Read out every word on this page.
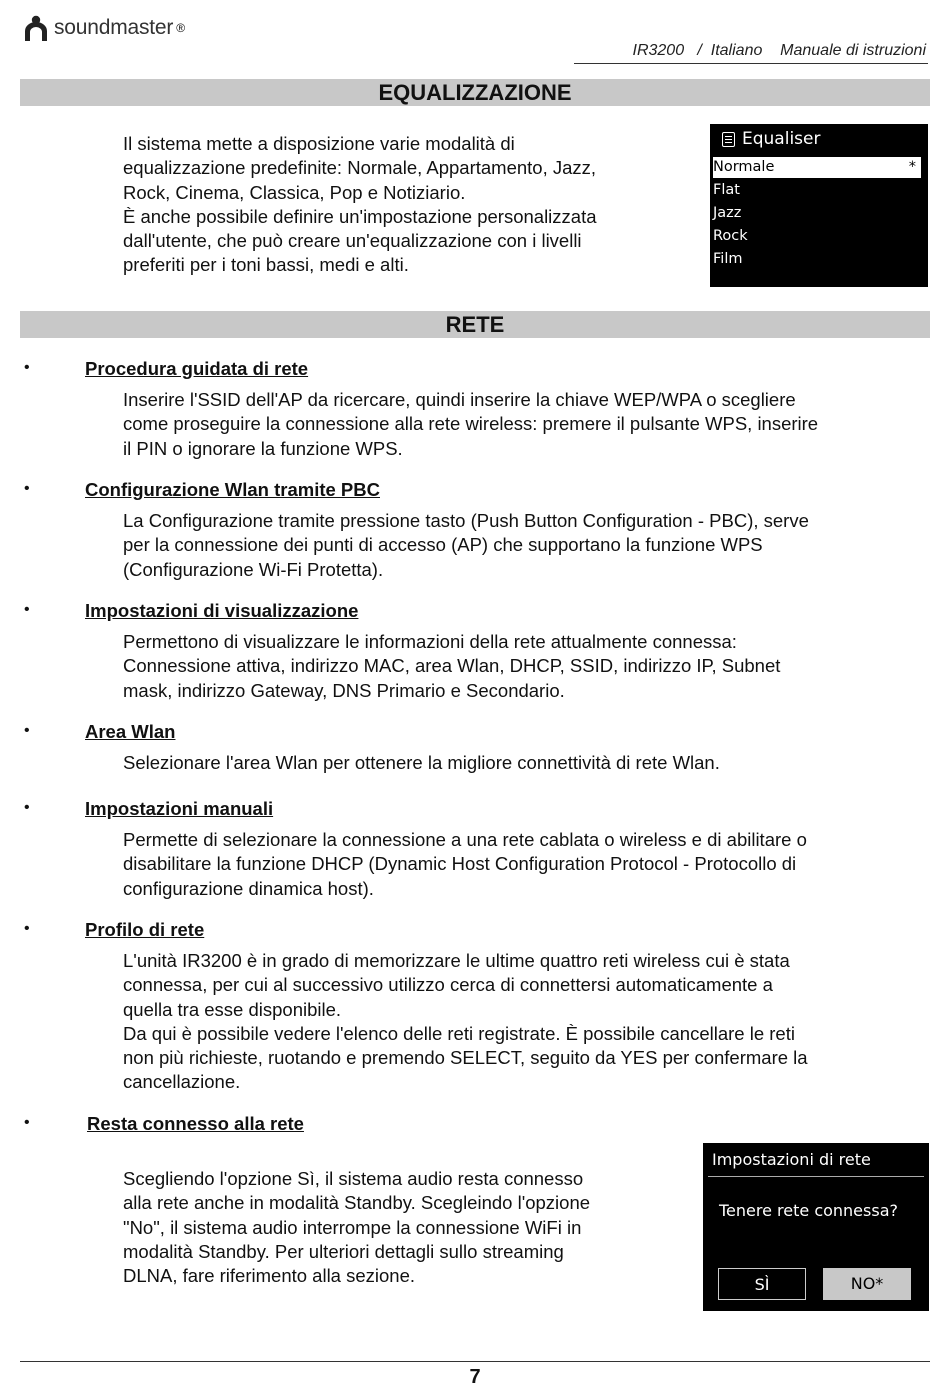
soundmaster ®
IR3200   /  Italiano    Manuale di istruzioni
EQUALIZZAZIONE
Il sistema mette a disposizione varie modalità di
equalizzazione predefinite: Normale, Appartamento, Jazz,
Rock, Cinema, Classica, Pop e Notiziario.
È anche possibile definire un'impostazione personalizzata
dall'utente, che può creare un'equalizzazione con i livelli
preferiti per i toni bassi, medi e alti.
Equaliser
Normale	*
Flat
Jazz
Rock
Film
RETE
•	Procedura guidata di rete
Inserire l'SSID dell'AP da ricercare, quindi inserire la chiave WEP/WPA o scegliere
come proseguire la connessione alla rete wireless: premere il pulsante WPS, inserire
il PIN o ignorare la funzione WPS.
•	Configurazione Wlan tramite PBC
La Configurazione tramite pressione tasto (Push Button Configuration - PBC), serve
per la connessione dei punti di accesso (AP) che supportano la funzione WPS
(Configurazione Wi-Fi Protetta).
•	Impostazioni di visualizzazione
Permettono di visualizzare le informazioni della rete attualmente connessa:
Connessione attiva, indirizzo MAC, area Wlan, DHCP, SSID, indirizzo IP, Subnet
mask, indirizzo Gateway, DNS Primario e Secondario.
•	Area Wlan
Selezionare l'area Wlan per ottenere la migliore connettività di rete Wlan.
•	Impostazioni manuali
Permette di selezionare la connessione a una rete cablata o wireless e di abilitare o
disabilitare la funzione DHCP (Dynamic Host Configuration Protocol - Protocollo di
configurazione dinamica host).
•	Profilo di rete
L'unità IR3200 è in grado di memorizzare le ultime quattro reti wireless cui è stata
connessa, per cui al successivo utilizzo cerca di connettersi automaticamente a
quella tra esse disponibile.
Da qui è possibile vedere l'elenco delle reti registrate. È possibile cancellare le reti
non più richieste, ruotando e premendo SELECT, seguito da YES per confermare la
cancellazione.
•	Resta connesso alla rete
Scegliendo l'opzione Sì, il sistema audio resta connesso
alla rete anche in modalità Standby. Scegleindo l'opzione
"No", il sistema audio interrompe la connessione WiFi in
modalità Standby. Per ulteriori dettagli sullo streaming
DLNA, fare riferimento alla sezione.
Impostazioni di rete
Tenere rete connessa?
SÌ	NO*
7
